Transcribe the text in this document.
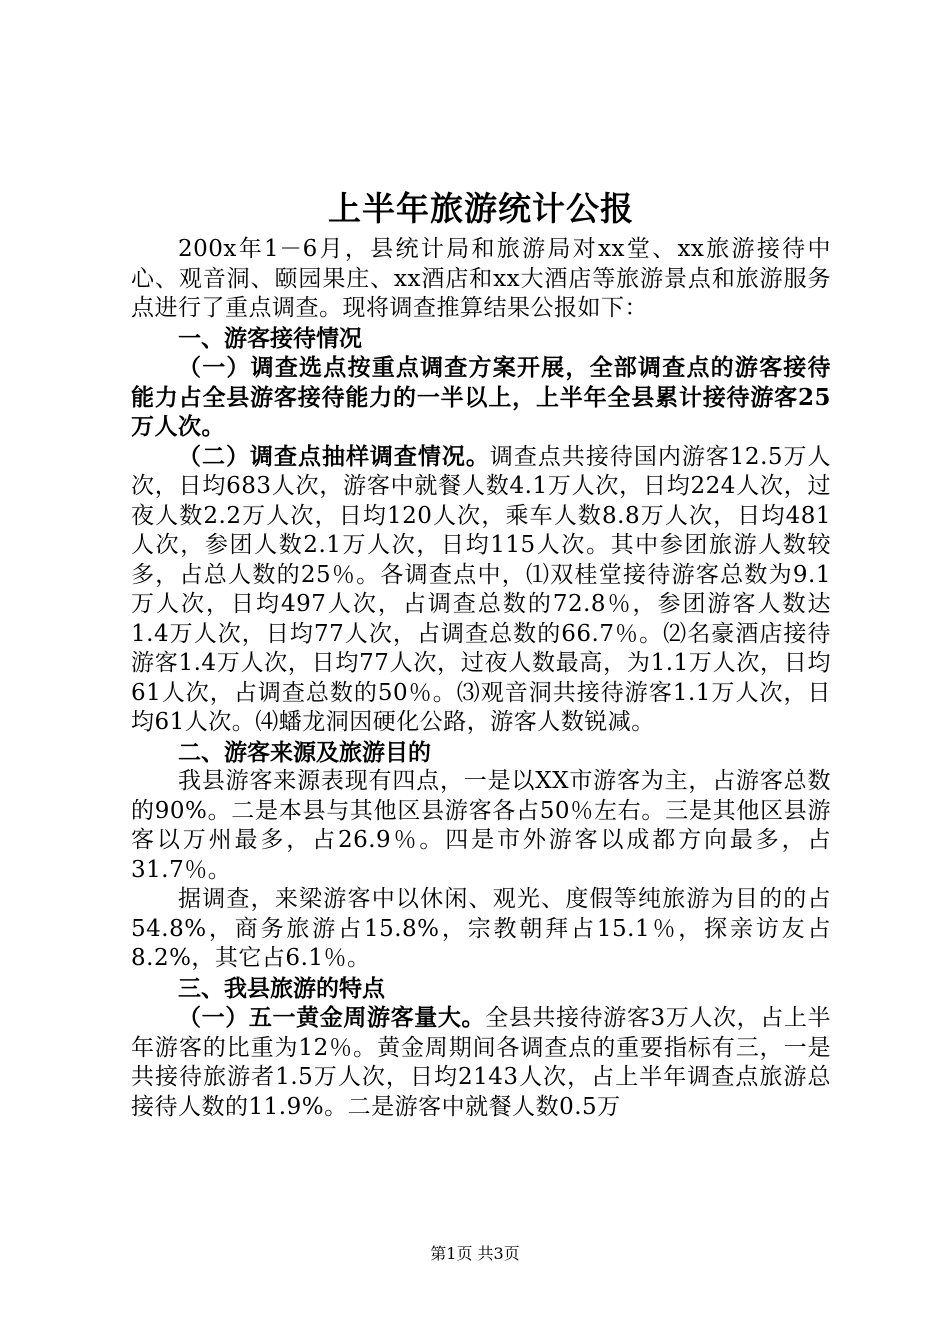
上半年旅游统计公报

200x年1－6月，县统计局和旅游局对xx堂、xx旅游接待中心、观音洞、颐园果庄、xx酒店和xx大酒店等旅游景点和旅游服务点进行了重点调查。现将调查推算结果公报如下：

一、游客接待情况

（一）调查选点按重点调查方案开展，全部调查点的游客接待能力占全县游客接待能力的一半以上，上半年全县累计接待游客25万人次。

（二）调查点抽样调查情况。调查点共接待国内游客12.5万人次，日均683人次，游客中就餐人数4.1万人次，日均224人次，过夜人数2.2万人次，日均120人次，乘车人数8.8万人次，日均481人次，参团人数2.1万人次，日均115人次。其中参团旅游人数较多，占总人数的25％。各调查点中，⑴双桂堂接待游客总数为9.1万人次，日均497人次，占调查总数的72.8％，参团游客人数达1.4万人次，日均77人次，占调查总数的66.7％。⑵名豪酒店接待游客1.4万人次，日均77人次，过夜人数最高，为1.1万人次，日均61人次，占调查总数的50％。⑶观音洞共接待游客1.1万人次，日均61人次。⑷蟠龙洞因硬化公路，游客人数锐减。

二、游客来源及旅游目的

我县游客来源表现有四点，一是以XX市游客为主，占游客总数的90%。二是本县与其他区县游客各占50％左右。三是其他区县游客以万州最多，占26.9％。四是市外游客以成都方向最多，占31.7％。

据调查，来梁游客中以休闲、观光、度假等纯旅游为目的的占54.8%，商务旅游占15.8%，宗教朝拜占15.1％，探亲访友占8.2%，其它占6.1％。

三、我县旅游的特点

（一）五一黄金周游客量大。全县共接待游客3万人次，占上半年游客的比重为12％。黄金周期间各调查点的重要指标有三，一是共接待旅游者1.5万人次，日均2143人次，占上半年调查点旅游总接待人数的11.9%。二是游客中就餐人数0.5万

第1页 共3页
